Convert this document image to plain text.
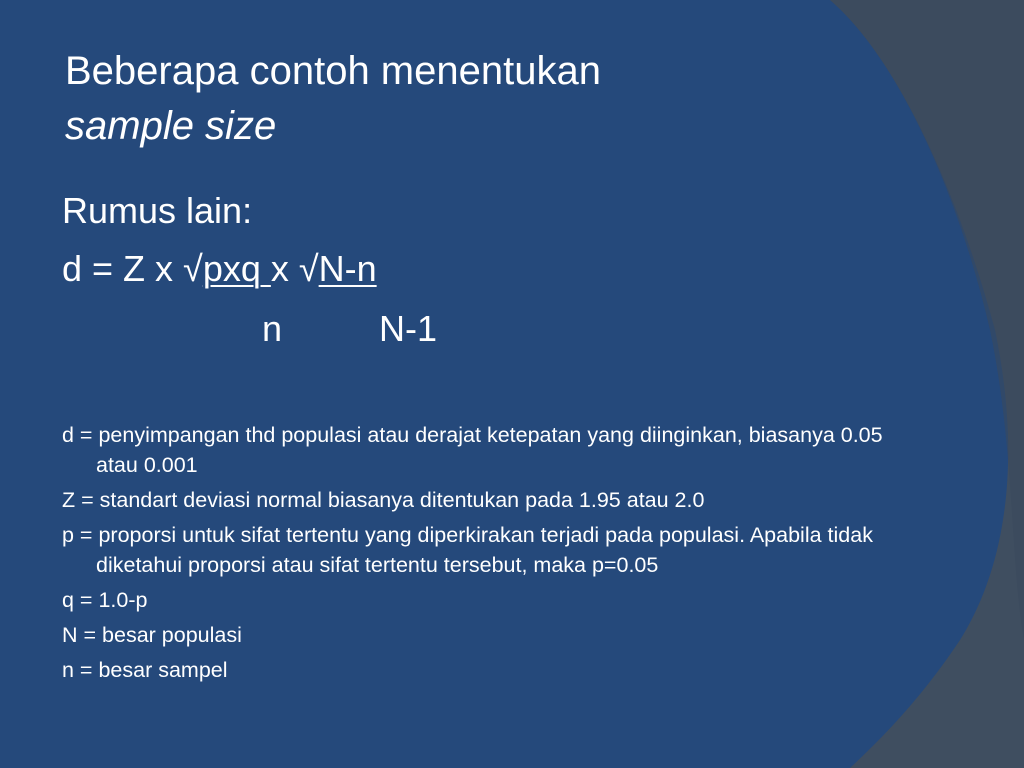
Beberapa contoh menentukan
sample size
Rumus lain:
d = Z x √pxq x √N-n
n	N-1
d = penyimpangan thd populasi atau derajat ketepatan yang diinginkan, biasanya 0.05 atau 0.001
Z = standart deviasi normal biasanya ditentukan pada 1.95 atau 2.0
p = proporsi untuk sifat tertentu yang diperkirakan terjadi pada populasi. Apabila tidak diketahui proporsi atau sifat tertentu tersebut, maka p=0.05
q = 1.0-p
N = besar populasi
n = besar sampel
